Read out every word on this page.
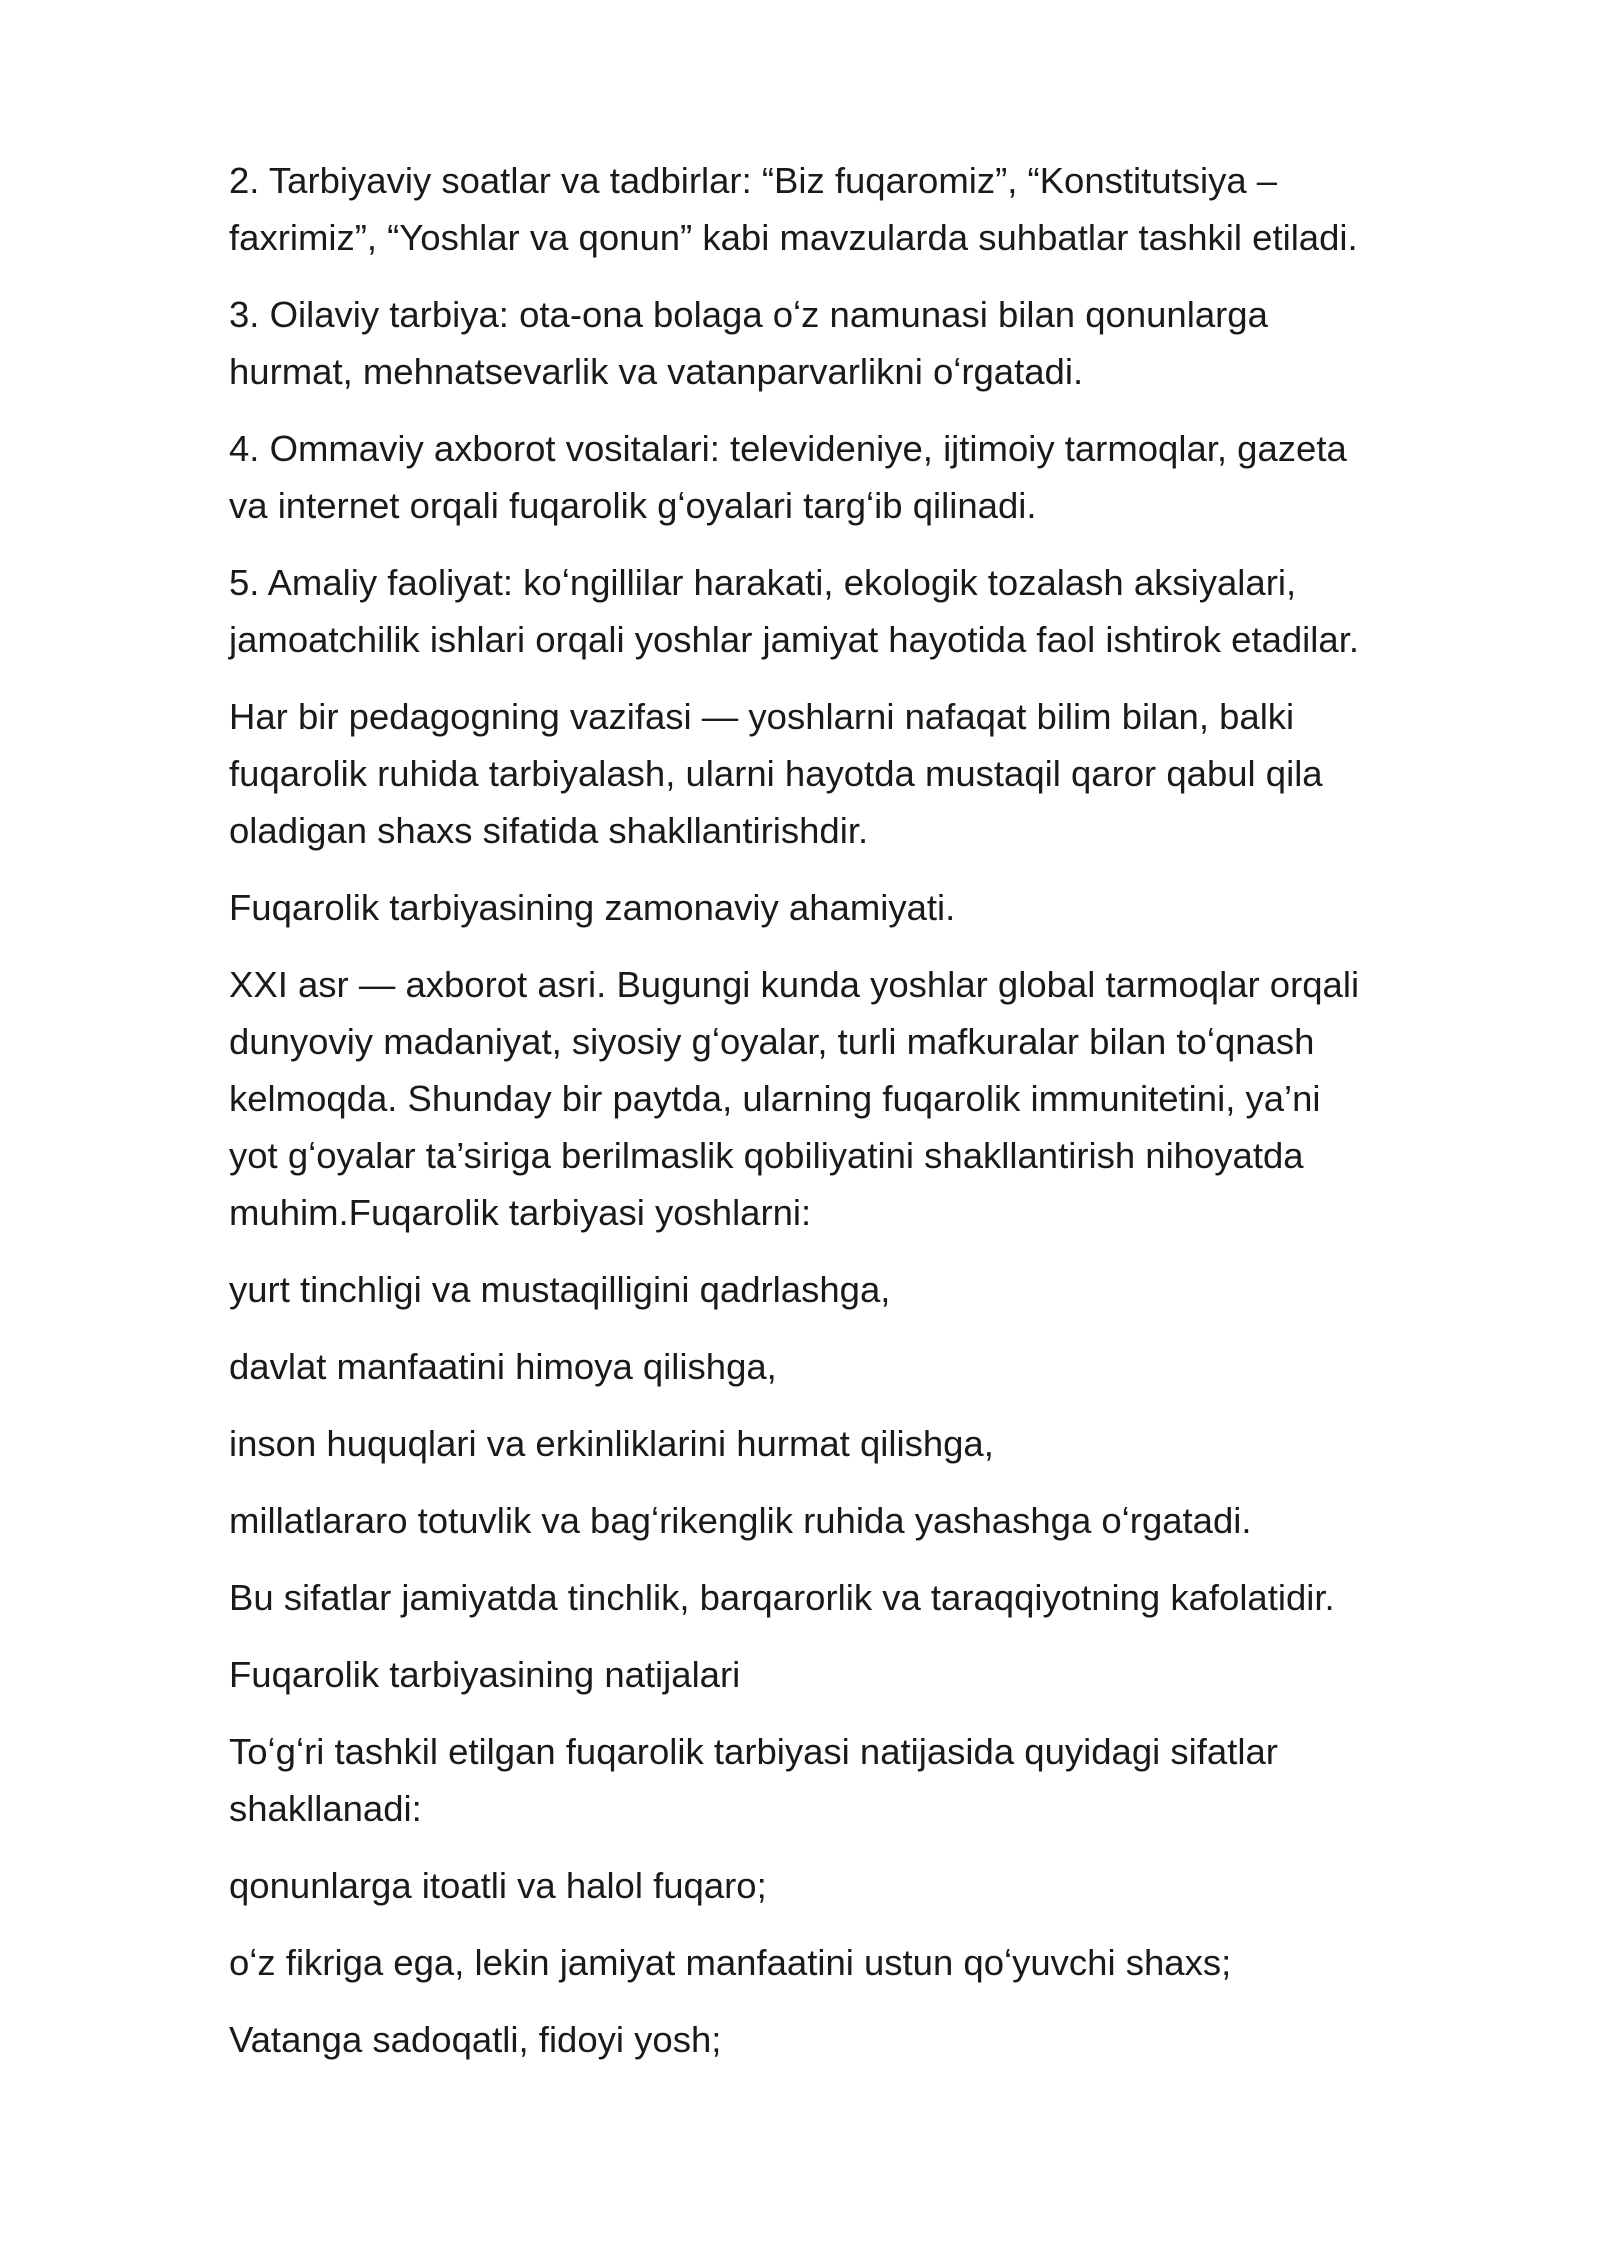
2. Tarbiyaviy soatlar va tadbirlar: “Biz fuqaromiz”, “Konstitutsiya –
faxrimiz”, “Yoshlar va qonun” kabi mavzularda suhbatlar tashkil etiladi.

3. Oilaviy tarbiya: ota-ona bolaga oʻz namunasi bilan qonunlarga
hurmat, mehnatsevarlik va vatanparvarlikni oʻrgatadi.

4. Ommaviy axborot vositalari: televideniye, ijtimoiy tarmoqlar, gazeta
va internet orqali fuqarolik gʻoyalari targʻib qilinadi.

5. Amaliy faoliyat: koʻngillilar harakati, ekologik tozalash aksiyalari,
jamoatchilik ishlari orqali yoshlar jamiyat hayotida faol ishtirok etadilar.

Har bir pedagogning vazifasi — yoshlarni nafaqat bilim bilan, balki
fuqarolik ruhida tarbiyalash, ularni hayotda mustaqil qaror qabul qila
oladigan shaxs sifatida shakllantirishdir.

Fuqarolik tarbiyasining zamonaviy ahamiyati.

XXI asr — axborot asri. Bugungi kunda yoshlar global tarmoqlar orqali
dunyoviy madaniyat, siyosiy gʻoyalar, turli mafkuralar bilan toʻqnash
kelmoqda. Shunday bir paytda, ularning fuqarolik immunitetini, ya’ni
yot gʻoyalar ta’siriga berilmaslik qobiliyatini shakllantirish nihoyatda
muhim.Fuqarolik tarbiyasi yoshlarni:

yurt tinchligi va mustaqilligini qadrlashga,

davlat manfaatini himoya qilishga,

inson huquqlari va erkinliklarini hurmat qilishga,

millatlararo totuvlik va bagʻrikenglik ruhida yashashga oʻrgatadi.

Bu sifatlar jamiyatda tinchlik, barqarorlik va taraqqiyotning kafolatidir.

Fuqarolik tarbiyasining natijalari

Toʻgʻri tashkil etilgan fuqarolik tarbiyasi natijasida quyidagi sifatlar
shakllanadi:

qonunlarga itoatli va halol fuqaro;

oʻz fikriga ega, lekin jamiyat manfaatini ustun qoʻyuvchi shaxs;

Vatanga sadoqatli, fidoyi yosh;
